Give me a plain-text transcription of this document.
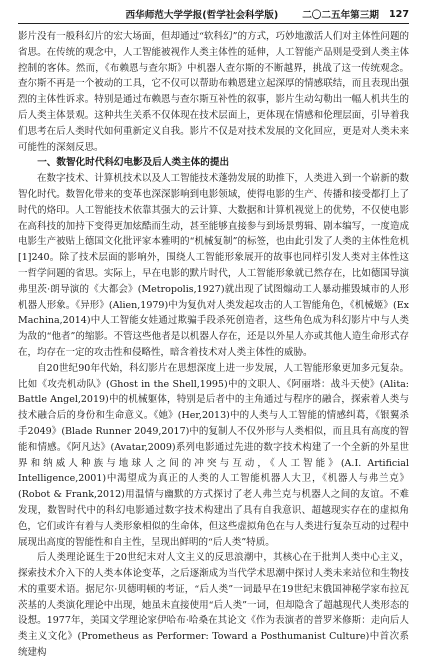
西华师范大学学报(哲学社会科学版)	二〇二五年第三期 127

影片没有一般科幻片的宏大场面，但却通过“软科幻”的方式，巧妙地激活人们对主体性问题的省思。在传统的观念中，人工智能被视作人类主体性的延伸，人工智能产品则是受到人类主体控制的客体。然而，《布赖恩与查尔斯》中机器人查尔斯的不断越界，挑战了这一传统观念。查尔斯不再是一个被动的工具，它不仅可以帮助布赖恩建立起深厚的情感联结，而且表现出强烈的主体性诉求。特别是通过布赖恩与查尔斯互补性的叙事，影片生动勾勒出一幅人机共生的后人类主体景观。这种共生关系不仅体现在技术层面上，更体现在情感和伦理层面，引导着我们思考在后人类时代如何重新定义自我。影片不仅是对技术发展的文化回应，更是对人类未来可能性的深刻反思。

一、数智化时代科幻电影及后人类主体的提出

在数字技术、计算机技术以及人工智能技术蓬勃发展的助推下，人类进入到一个崭新的数智化时代。数智化带来的变革也深深影响到电影领域，使得电影的生产、传播和接受都打上了时代的烙印。人工智能技术依靠其强大的云计算、大数据和计算机视觉上的优势，不仅使电影在高科技的加持下变得更加炫酷而生动，甚至能够直接参与到场景剪辑、剧本编写，一度造成电影生产被贴上德国文化批评家本雅明的“机械复制”的标签，也由此引发了人类的主体性危机[1]240。除了技术层面的影响外，围绕人工智能形象展开的故事也同样引发人类对主体性这一哲学问题的省思。实际上，早在电影的默片时代，人工智能形象就已然存在，比如德国导演弗里茨·朗导演的《大都会》(Metropolis,1927)就出现了试图煽动工人暴动摧毁城市的人形机器人形象。《异形》(Alien,1979)中为复仇对人类发起攻击的人工智能角色，《机械姬》(Ex Machina,2014)中人工智能女娃通过欺骗手段杀死创造者，这些角色成为科幻影片中与人类为敌的“他者”的缩影。不管这些他者是以机器人存在，还是以外星人亦或其他人造生命形式存在，均存在一定的攻击性和侵略性，暗含着技术对人类主体性的威胁。

自20世纪90年代始，科幻影片在思想深度上进一步发展，人工智能形象更加多元复杂。比如《攻壳机动队》(Ghost in the Shell,1995)中的文职人、《阿丽塔：战斗天使》(Alita: Battle Angel,2019)中的机械躯体，特别是后者中的主角通过与程序的融合，探索着人类与技术融合后的身份和生命意义。《她》(Her,2013)中的人类与人工智能的情感纠葛，《银翼杀手2049》(Blade Runner 2049,2017)中的复制人不仅外形与人类相似，而且具有高度的智能和情感。《阿凡达》(Avatar,2009)系列电影通过先进的数字技术构建了一个全新的外星世界和纳威人种族与地球人之间的冲突与互动，《人工智能》(A.I. Artificial Intelligence,2001)中渴望成为真正的人类的人工智能机器人大卫，《机器人与弗兰克》(Robot & Frank,2012)用温情与幽默的方式探讨了老人弗兰克与机器人之间的友谊。不难发现，数智时代中的科幻电影通过数字技术构建出了具有自我意识、超越现实存在的虚拟角色，它们或许有着与人类形象相似的生命体，但这些虚拟角色在与人类进行复杂互动的过程中展现出高度的智能性和自主性，呈现出鲜明的“后人类”特质。

后人类理论诞生于20世纪末对人文主义的反思浪潮中，其核心在于批判人类中心主义，探索技术介入下的人类本体论变革，之后逐渐成为当代学术思潮中探讨人类未来站位和生物技术的重要术语。据尼尔·贝德明顿的考证，“后人类”一词最早在19世纪末俄国神秘学家布拉瓦茨基的人类演化理论中出现，她虽未直接使用“后人类”一词，但却隐含了超越现代人类形态的设想。1977年，美国文学理论家伊哈布·哈桑在其论文《作为表演者的普罗米修斯：走向后人类主义文化》(Prometheus as Performer: Toward a Posthumanist Culture)中首次系统建构
